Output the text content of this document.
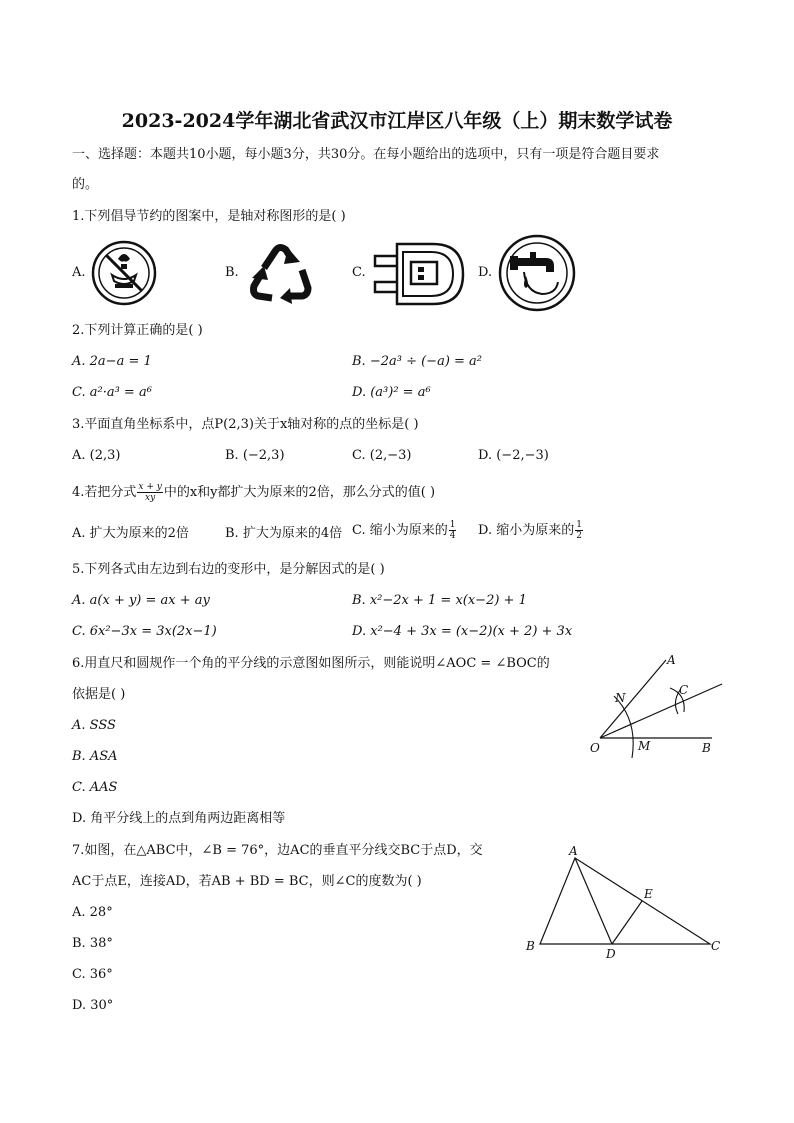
2023-2024学年湖北省武汉市江岸区八年级（上）期末数学试卷
一、选择题：本题共10小题，每小题3分，共30分。在每小题给出的选项中，只有一项是符合题目要求
的。
1.下列倡导节约的图案中，是轴对称图形的是( )
A.	B.	C.	D.
2.下列计算正确的是( )
A. 2a−a = 1	B. −2a³ ÷ (−a) = a²
C. a²·a³ = a⁶	D. (a³)² = a⁶
3.平面直角坐标系中，点P(2,3)关于x轴对称的点的坐标是( )
A. (2,3)	B. (−2,3)	C. (2,−3)	D. (−2,−3)
4.若把分式 $\frac{x + y}{xy}$ 中的x和y都扩大为原来的2倍，那么分式的值( )
A. 扩大为原来的2倍	B. 扩大为原来的4倍 C. 缩小为原来的 $\frac{1}{4} D$. 缩小为原来的 $\frac{1}{2}$
5.下列各式由左边到右边的变形中，是分解因式的是( )
A. a(x + y) = ax + ay	B. x²−2x + 1 = x(x−2) + 1
C. 6x²−3x = 3x(2x−1)	D. x²−4 + 3x = (x−2)(x + 2) + 3x
6.用直尺和圆规作一个角的平分线的示意图如图所示，则能说明∠AOC = ∠BOC的
依据是( )
A. SSS
B. ASA
C. AAS
D. 角平分线上的点到角两边距离相等
A
N
C
O	M	B
7.如图，在△ABC中，∠B = 76°，边AC的垂直平分线交BC于点D，交
AC于点E，连接AD，若AB + BD = BC，则∠C的度数为( )
A. 28°
B. 38°
C. 36°
D. 30°
A
E
B
D
C
